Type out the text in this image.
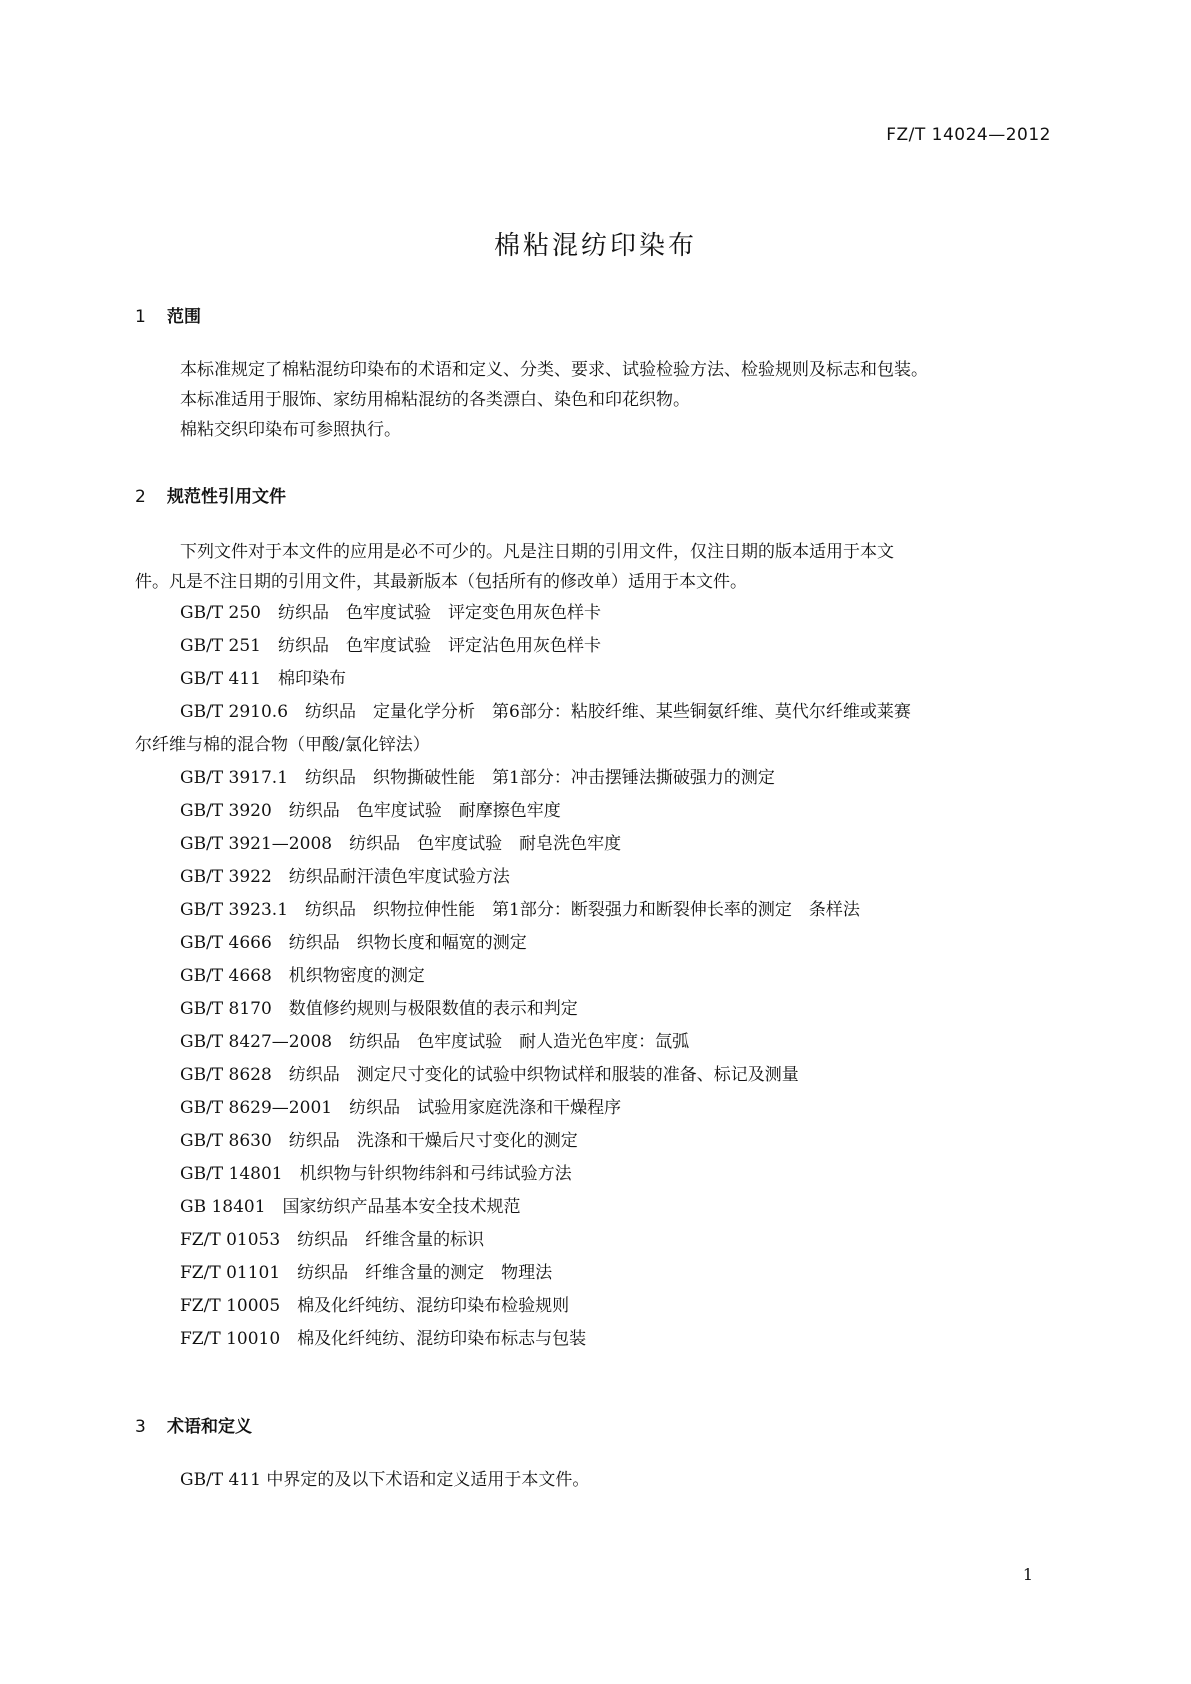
FZ/T 14024—2012
棉粘混纺印染布
1 范围
本标准规定了棉粘混纺印染布的术语和定义、分类、要求、试验检验方法、检验规则及标志和包装。
本标准适用于服饰、家纺用棉粘混纺的各类漂白、染色和印花织物。
棉粘交织印染布可参照执行。
2 规范性引用文件
下列文件对于本文件的应用是必不可少的。凡是注日期的引用文件，仅注日期的版本适用于本文
件。凡是不注日期的引用文件，其最新版本（包括所有的修改单）适用于本文件。
GB/T 250　纺织品　色牢度试验　评定变色用灰色样卡
GB/T 251　纺织品　色牢度试验　评定沾色用灰色样卡
GB/T 411　棉印染布
GB/T 2910.6　纺织品　定量化学分析　第6部分：粘胶纤维、某些铜氨纤维、莫代尔纤维或莱赛
尔纤维与棉的混合物（甲酸/氯化锌法）
GB/T 3917.1　纺织品　织物撕破性能　第1部分：冲击摆锤法撕破强力的测定
GB/T 3920　纺织品　色牢度试验　耐摩擦色牢度
GB/T 3921—2008　纺织品　色牢度试验　耐皂洗色牢度
GB/T 3922　纺织品耐汗渍色牢度试验方法
GB/T 3923.1　纺织品　织物拉伸性能　第1部分：断裂强力和断裂伸长率的测定　条样法
GB/T 4666　纺织品　织物长度和幅宽的测定
GB/T 4668　机织物密度的测定
GB/T 8170　数值修约规则与极限数值的表示和判定
GB/T 8427—2008　纺织品　色牢度试验　耐人造光色牢度：氙弧
GB/T 8628　纺织品　测定尺寸变化的试验中织物试样和服装的准备、标记及测量
GB/T 8629—2001　纺织品　试验用家庭洗涤和干燥程序
GB/T 8630　纺织品　洗涤和干燥后尺寸变化的测定
GB/T 14801　机织物与针织物纬斜和弓纬试验方法
GB 18401　国家纺织产品基本安全技术规范
FZ/T 01053　纺织品　纤维含量的标识
FZ/T 01101　纺织品　纤维含量的测定　物理法
FZ/T 10005　棉及化纤纯纺、混纺印染布检验规则
FZ/T 10010　棉及化纤纯纺、混纺印染布标志与包装
3 术语和定义
GB/T 411 中界定的及以下术语和定义适用于本文件。
1
